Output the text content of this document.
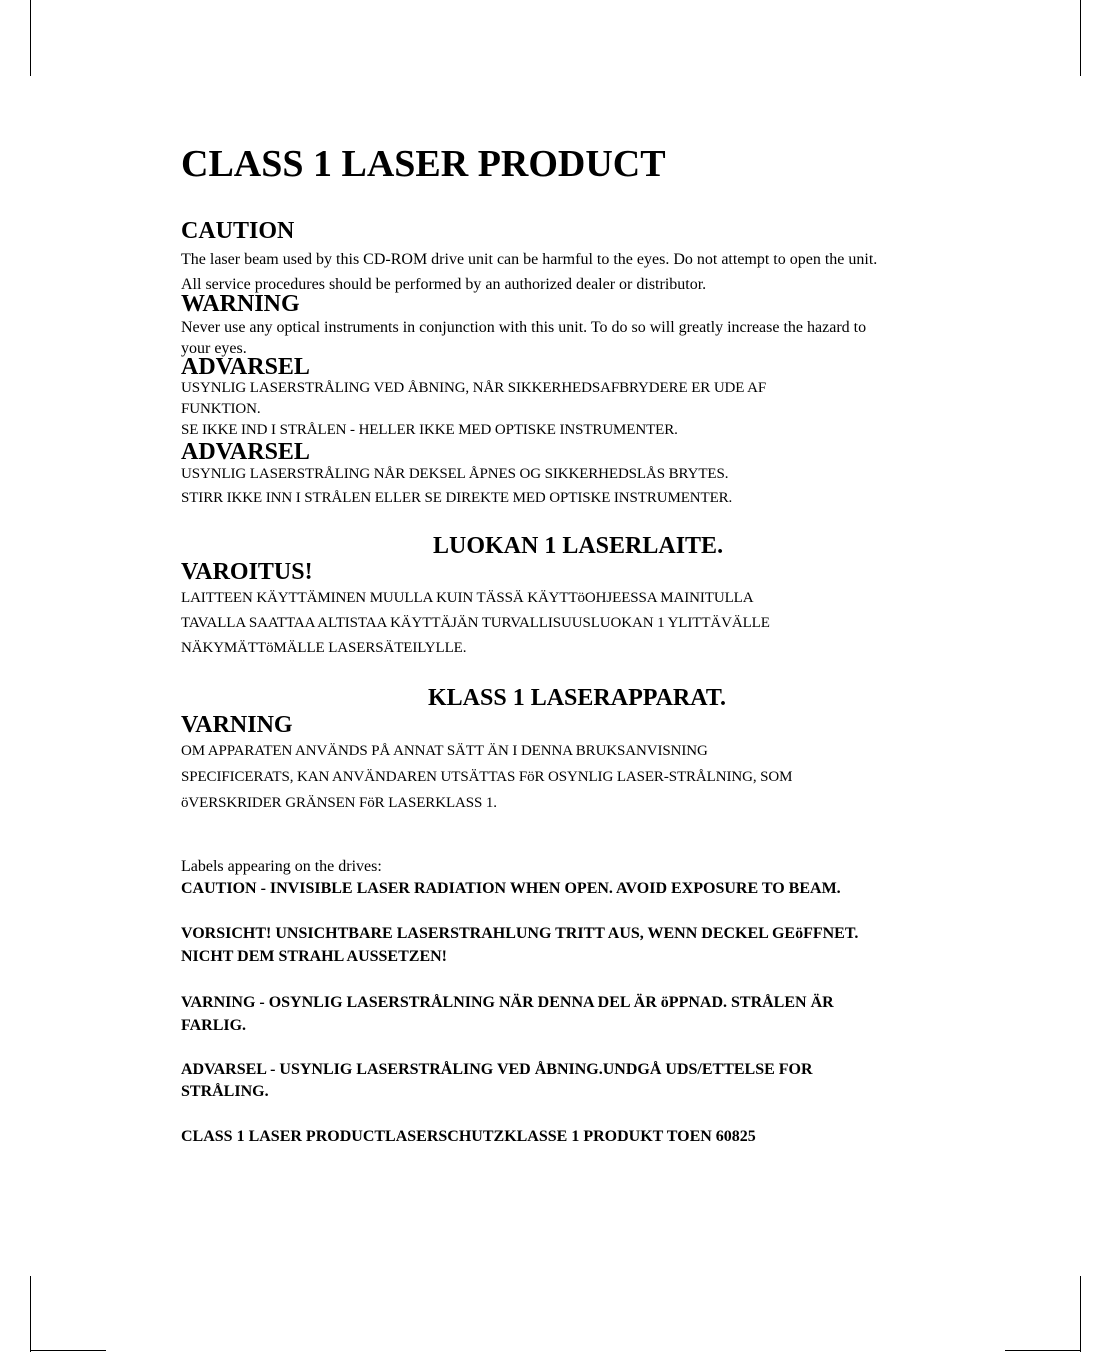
CLASS 1 LASER PRODUCT
CAUTION
The laser beam used by this CD-ROM drive unit can be harmful to the eyes. Do not attempt to open the unit.
All service procedures should be performed by an authorized dealer or distributor.
WARNING
Never use any optical instruments in conjunction with this unit. To do so will greatly increase the hazard to
your eyes.
ADVARSEL
USYNLIG LASERSTRÅLING VED ÅBNING, NÅR SIKKERHEDSAFBRYDERE ER UDE AF
FUNKTION.
SE IKKE IND I STRÅLEN - HELLER IKKE MED OPTISKE INSTRUMENTER.
ADVARSEL
USYNLIG LASERSTRÅLING NÅR DEKSEL ÅPNES OG SIKKERHEDSLÅS BRYTES.
STIRR IKKE INN I STRÅLEN ELLER SE DIREKTE MED OPTISKE INSTRUMENTER.
LUOKAN 1 LASERLAITE.
VAROITUS!
LAITTEEN KÄYTTÄMINEN MUULLA KUIN TÄSSÄ KÄYTTöOHJEESSA MAINITULLA
TAVALLA SAATTAA ALTISTAA KÄYTTÄJÄN TURVALLISUUSLUOKAN 1 YLITTÄVÄLLE
NÄKYMÄTTöMÄLLE LASERSÄTEILYLLE.
KLASS 1 LASERAPPARAT.
VARNING
OM APPARATEN ANVÄNDS PÅ ANNAT SÄTT ÄN I DENNA BRUKSANVISNING
SPECIFICERATS, KAN ANVÄNDAREN UTSÄTTAS FöR OSYNLIG LASER-STRÅLNING, SOM
öVERSKRIDER GRÄNSEN FöR LASERKLASS 1.
Labels appearing on the drives:
CAUTION - INVISIBLE LASER RADIATION WHEN OPEN. AVOID EXPOSURE TO BEAM.
VORSICHT! UNSICHTBARE LASERSTRAHLUNG TRITT AUS, WENN DECKEL GEöFFNET.
NICHT DEM STRAHL AUSSETZEN!
VARNING - OSYNLIG LASERSTRÅLNING NÄR DENNA DEL ÄR öPPNAD. STRÅLEN ÄR
FARLIG.
ADVARSEL - USYNLIG LASERSTRÅLING VED ÅBNING.UNDGÅ UDS/ETTELSE FOR
STRÅLING.
CLASS 1 LASER PRODUCTLASERSCHUTZKLASSE 1 PRODUKT TOEN 60825
